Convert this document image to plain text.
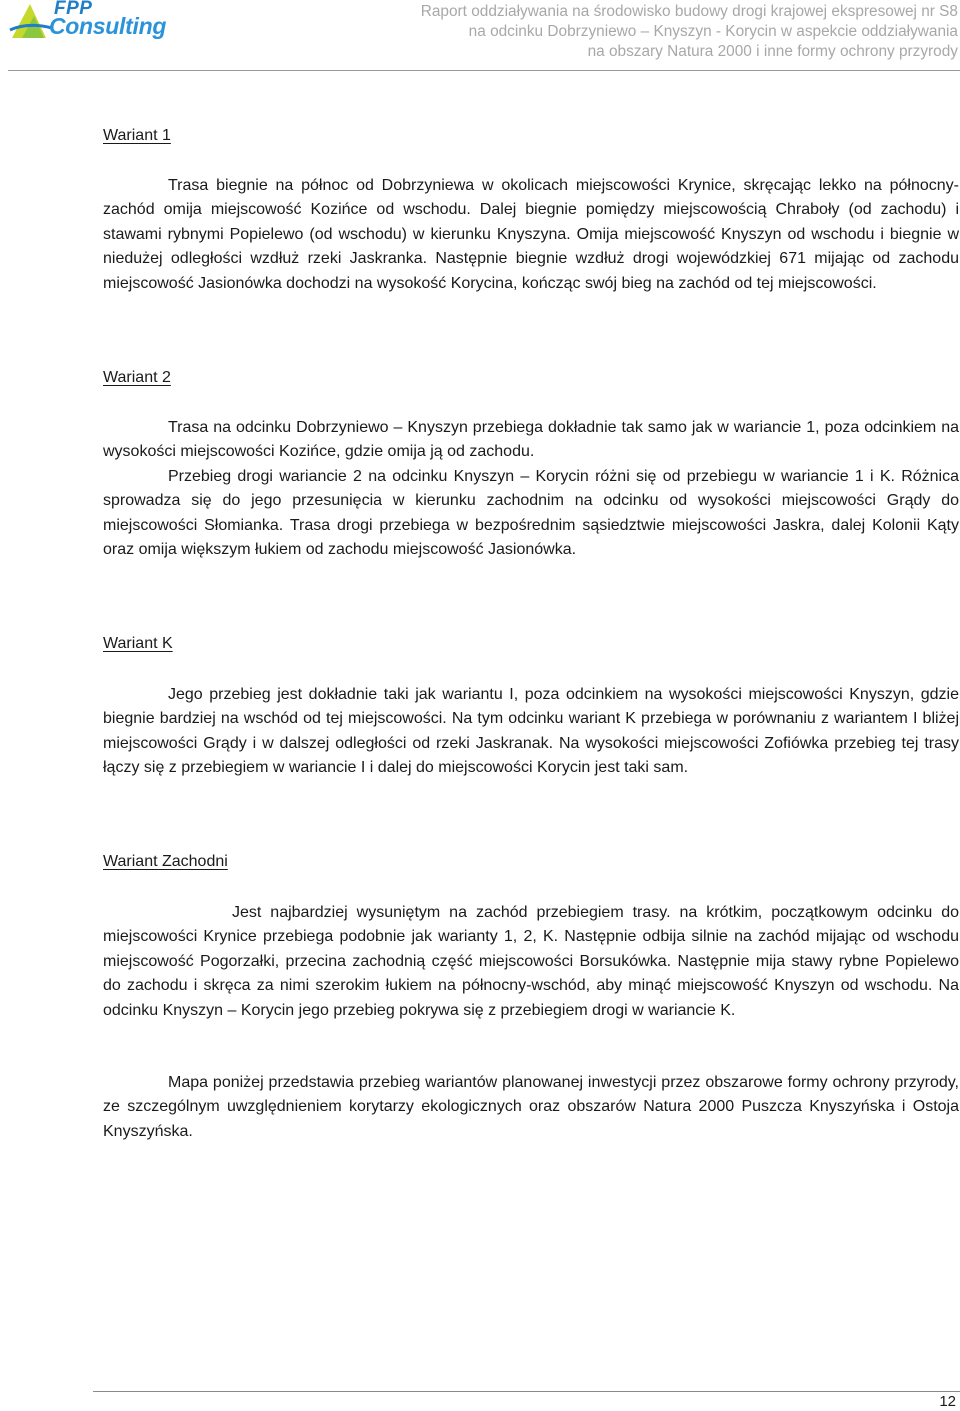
FPP
Consulting
Raport oddziaływania na środowisko budowy drogi krajowej ekspresowej nr S8
na odcinku Dobrzyniewo – Knyszyn - Korycin w aspekcie oddziaływania
na obszary Natura 2000 i inne formy ochrony przyrody
Wariant 1

Trasa biegnie na północ od Dobrzyniewa w okolicach miejscowości Krynice, skręcając lekko na północny-zachód omija miejscowość Kozińce od wschodu. Dalej biegnie pomiędzy miejscowością Chraboły (od zachodu) i stawami rybnymi Popielewo (od wschodu) w kierunku Knyszyna. Omija miejscowość Knyszyn od wschodu i biegnie w niedużej odległości wzdłuż rzeki Jaskranka. Następnie biegnie wzdłuż drogi wojewódzkiej 671 mijając od zachodu miejscowość Jasionówka dochodzi na wysokość Korycina, kończąc swój bieg na zachód od tej miejscowości.

Wariant 2

Trasa na odcinku Dobrzyniewo – Knyszyn przebiega dokładnie tak samo jak w wariancie 1, poza odcinkiem na wysokości miejscowości Kozińce, gdzie omija ją od zachodu.

Przebieg drogi wariancie 2 na odcinku Knyszyn – Korycin różni się od przebiegu w wariancie 1 i K. Różnica sprowadza się do jego przesunięcia w kierunku zachodnim na odcinku od wysokości miejscowości Grądy do miejscowości Słomianka. Trasa drogi przebiega w bezpośrednim sąsiedztwie miejscowości Jaskra, dalej Kolonii Kąty oraz omija większym łukiem od zachodu miejscowość Jasionówka.

Wariant K

Jego przebieg jest dokładnie taki jak wariantu I, poza odcinkiem na wysokości miejscowości Knyszyn, gdzie biegnie bardziej na wschód od tej miejscowości. Na tym odcinku wariant K przebiega w porównaniu z wariantem I bliżej miejscowości Grądy i w dalszej odległości od rzeki Jaskranak. Na wysokości miejscowości Zofiówka przebieg tej trasy łączy się z przebiegiem w wariancie I i dalej do miejscowości Korycin jest taki sam.

Wariant Zachodni

Jest najbardziej wysuniętym na zachód przebiegiem trasy. na krótkim, początkowym odcinku do miejscowości Krynice przebiega podobnie jak warianty 1, 2, K. Następnie odbija silnie na zachód mijając od wschodu miejscowość Pogorzałki, przecina zachodnią część miejscowości Borsukówka. Następnie mija stawy rybne Popielewo do zachodu i skręca za nimi szerokim łukiem na północny-wschód, aby minąć miejscowość Knyszyn od wschodu. Na odcinku Knyszyn – Korycin jego przebieg pokrywa się z przebiegiem drogi w wariancie K.

Mapa poniżej przedstawia przebieg wariantów planowanej inwestycji przez obszarowe formy ochrony przyrody, ze szczególnym uwzględnieniem korytarzy ekologicznych oraz obszarów Natura 2000 Puszcza Knyszyńska i Ostoja Knyszyńska.

12
